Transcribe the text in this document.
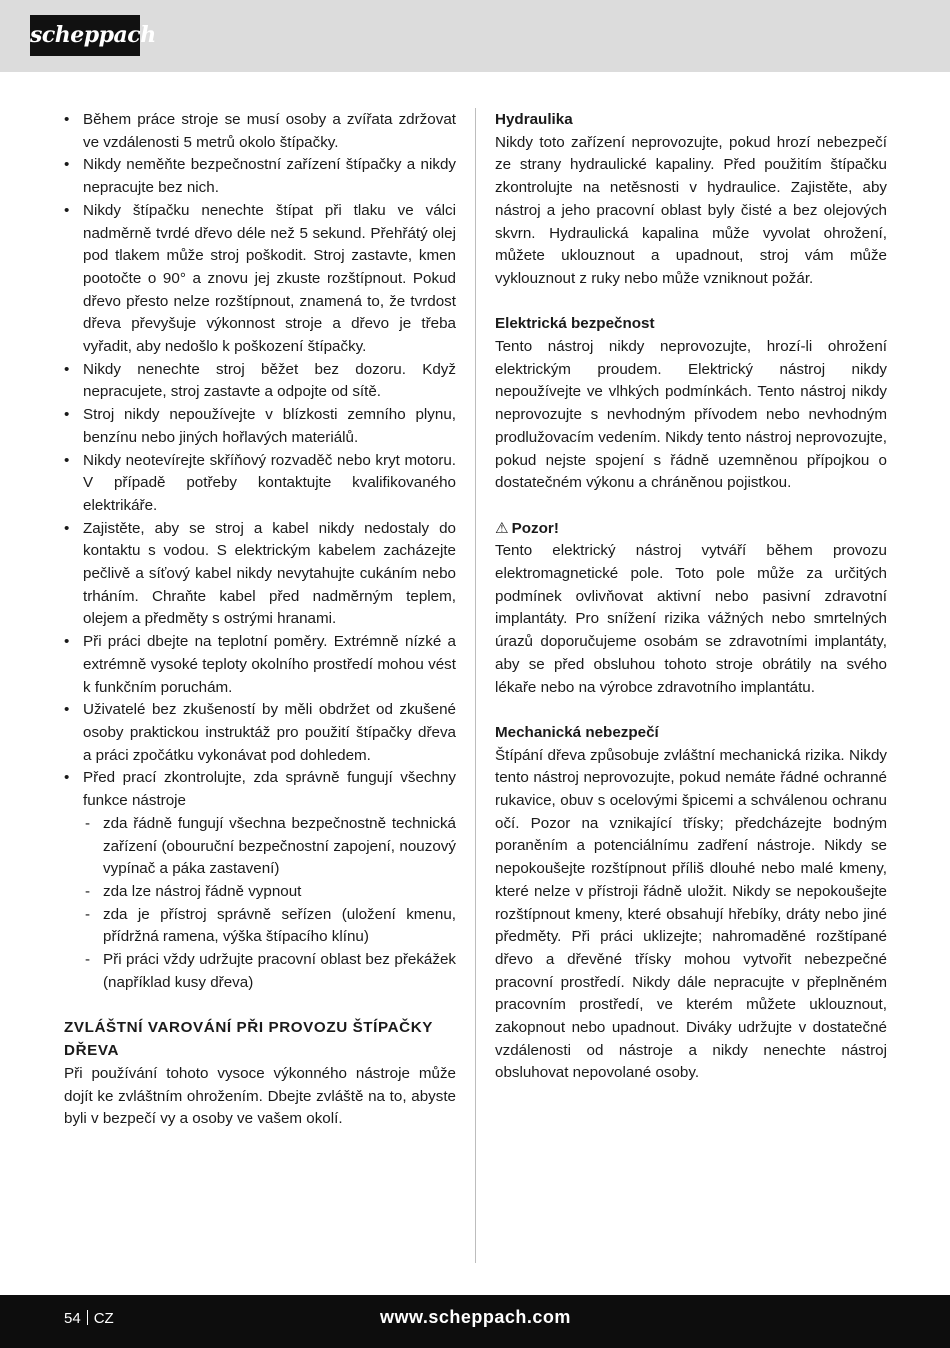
scheppach
• Během práce stroje se musí osoby a zvířata zdržovat ve vzdálenosti 5 metrů okolo štípačky.
• Nikdy neměňte bezpečnostní zařízení štípačky a nikdy nepracujte bez nich.
• Nikdy štípačku nenechte štípat při tlaku ve válci nadměrně tvrdé dřevo déle než 5 sekund. Přehřátý olej pod tlakem může stroj poškodit. Stroj zastavte, kmen pootočte o 90° a znovu jej zkuste rozštípnout. Pokud dřevo přesto nelze rozštípnout, znamená to, že tvrdost dřeva převyšuje výkonnost stroje a dřevo je třeba vyřadit, aby nedošlo k poškození štípačky.
• Nikdy nenechte stroj běžet bez dozoru. Když nepracujete, stroj zastavte a odpojte od sítě.
• Stroj nikdy nepoužívejte v blízkosti zemního plynu, benzínu nebo jiných hořlavých materiálů.
• Nikdy neotevírejte skříňový rozvaděč nebo kryt motoru. V případě potřeby kontaktujte kvalifikovaného elektrikáře.
• Zajistěte, aby se stroj a kabel nikdy nedostaly do kontaktu s vodou. S elektrickým kabelem zacházejte pečlivě a síťový kabel nikdy nevytahujte cukáním nebo trháním. Chraňte kabel před nadměrným teplem, olejem a předměty s ostrými hranami.
• Při práci dbejte na teplotní poměry. Extrémně nízké a extrémně vysoké teploty okolního prostředí mohou vést k funkčním poruchám.
• Uživatelé bez zkušeností by měli obdržet od zkušené osoby praktickou instruktáž pro použití štípačky dřeva a práci zpočátku vykonávat pod dohledem.
• Před prací zkontrolujte, zda správně fungují všechny funkce nástroje
- zda řádně fungují všechna bezpečnostně technická zařízení (obouruční bezpečnostní zapojení, nouzový vypínač a páka zastavení)
- zda lze nástroj řádně vypnout
- zda je přístroj správně seřízen (uložení kmenu, přídržná ramena, výška štípacího klínu)
- Při práci vždy udržujte pracovní oblast bez překážek (například kusy dřeva)
ZVLÁŠTNÍ VAROVÁNÍ PŘI PROVOZU ŠTÍPAČKY DŘEVA

Při používání tohoto vysoce výkonného nástroje může dojít ke zvláštním ohrožením. Dbejte zvláště na to, abyste byli v bezpečí vy a osoby ve vašem okolí.

Hydraulika

Nikdy toto zařízení neprovozujte, pokud hrozí nebezpečí ze strany hydraulické kapaliny. Před použitím štípačku zkontrolujte na netěsnosti v hydraulice. Zajistěte, aby nástroj a jeho pracovní oblast byly čisté a bez olejových skvrn. Hydraulická kapalina může vyvolat ohrožení, můžete uklouznout a upadnout, stroj vám může vyklouznout z ruky nebo může vzniknout požár.

Elektrická bezpečnost

Tento nástroj nikdy neprovozujte, hrozí-li ohrožení elektrickým proudem. Elektrický nástroj nikdy nepoužívejte ve vlhkých podmínkách. Tento nástroj nikdy neprovozujte s nevhodným přívodem nebo nevhodným prodlužovacím vedením. Nikdy tento nástroj neprovozujte, pokud nejste spojení s řádně uzemněnou přípojkou o dostatečném výkonu a chráněnou pojistkou.

⚠ Pozor!

Tento elektrický nástroj vytváří během provozu elektromagnetické pole. Toto pole může za určitých podmínek ovlivňovat aktivní nebo pasivní zdravotní implantáty. Pro snížení rizika vážných nebo smrtelných úrazů doporučujeme osobám se zdravotními implantáty, aby se před obsluhou tohoto stroje obrátily na svého lékaře nebo na výrobce zdravotního implantátu.

Mechanická nebezpečí

Štípání dřeva způsobuje zvláštní mechanická rizika. Nikdy tento nástroj neprovozujte, pokud nemáte řádné ochranné rukavice, obuv s ocelovými špicemi a schválenou ochranu očí. Pozor na vznikající třísky; předcházejte bodným poraněním a potenciálnímu zadření nástroje. Nikdy se nepokoušejte rozštípnout příliš dlouhé nebo malé kmeny, které nelze v přístroji řádně uložit. Nikdy se nepokoušejte rozštípnout kmeny, které obsahují hřebíky, dráty nebo jiné předměty. Při práci uklizejte; nahromaděné rozštípané dřevo a dřevěné třísky mohou vytvořit nebezpečné pracovní prostředí. Nikdy dále nepracujte v přeplněném pracovním prostředí, ve kterém můžete uklouznout, zakopnout nebo upadnout. Diváky udržujte v dostatečné vzdálenosti od nástroje a nikdy nenechte nástroj obsluhovat nepovolané osoby.

54 CZ	www.scheppach.com
